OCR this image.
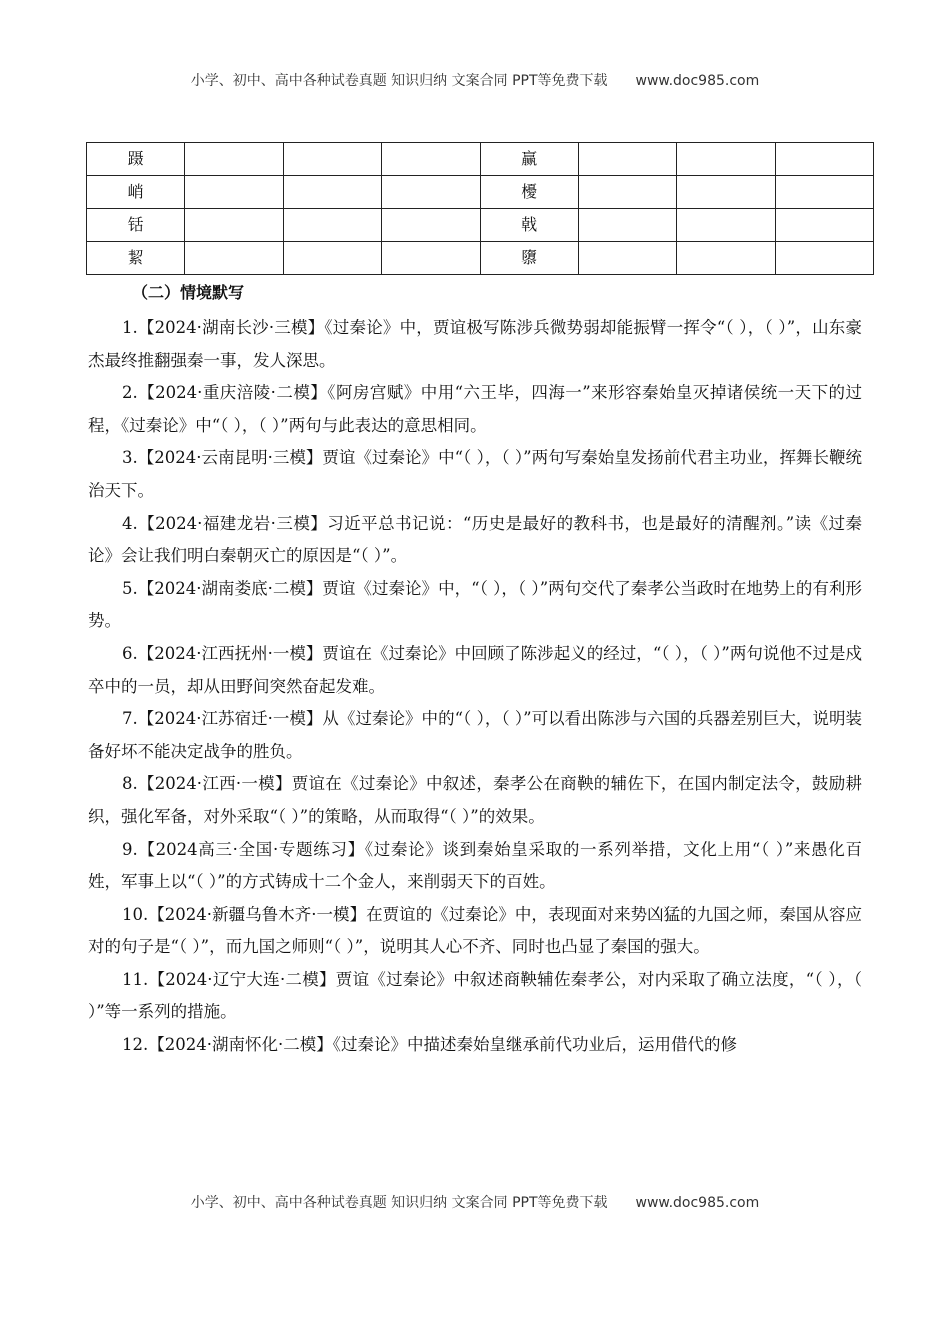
小学、初中、高中各种试卷真题 知识归纳 文案合同 PPT等免费下载 www.doc985.com
蹑				赢			
峭				櫌			
铦				戟			
絜				隳			
（二）情境默写

1.【2024·湖南长沙·三模】《过秦论》中，贾谊极写陈涉兵微势弱却能振臂一挥令“（ ），（ ）”，山东豪杰最终推翻强秦一事，发人深思。

2.【2024·重庆涪陵·二模】《阿房宫赋》中用“六王毕，四海一”来形容秦始皇灭掉诸侯统一天下的过程，《过秦论》中“（ ），（ ）”两句与此表达的意思相同。

3.【2024·云南昆明·三模】贾谊《过秦论》中“（ ），（ ）”两句写秦始皇发扬前代君主功业，挥舞长鞭统治天下。

4.【2024·福建龙岩·三模】习近平总书记说：“历史是最好的教科书，也是最好的清醒剂。”读《过秦论》会让我们明白秦朝灭亡的原因是“（ ）”。

5.【2024·湖南娄底·二模】贾谊《过秦论》中，“（ ），（ ）”两句交代了秦孝公当政时在地势上的有利形势。

6.【2024·江西抚州·一模】贾谊在《过秦论》中回顾了陈涉起义的经过，“（ ），（ ）”两句说他不过是戍卒中的一员，却从田野间突然奋起发难。

7.【2024·江苏宿迁·一模】从《过秦论》中的“（ ），（ ）”可以看出陈涉与六国的兵器差别巨大，说明装备好坏不能决定战争的胜负。

8.【2024·江西·一模】贾谊在《过秦论》中叙述，秦孝公在商鞅的辅佐下，在国内制定法令，鼓励耕织，强化军备，对外采取“（ ）”的策略，从而取得“（ ）”的效果。

9.【2024高三·全国·专题练习】《过秦论》谈到秦始皇采取的一系列举措，文化上用“（ ）”来愚化百姓，军事上以“（ ）”的方式铸成十二个金人，来削弱天下的百姓。

10.【2024·新疆乌鲁木齐·一模】在贾谊的《过秦论》中，表现面对来势凶猛的九国之师，秦国从容应对的句子是“（ ）”，而九国之师则“（ ）”，说明其人心不齐、同时也凸显了秦国的强大。

11.【2024·辽宁大连·二模】贾谊《过秦论》中叙述商鞅辅佐秦孝公，对内采取了确立法度，“（ ），（ ）”等一系列的措施。

12.【2024·湖南怀化·二模】《过秦论》中描述秦始皇继承前代功业后，运用借代的修

小学、初中、高中各种试卷真题 知识归纳 文案合同 PPT等免费下载 www.doc985.com
